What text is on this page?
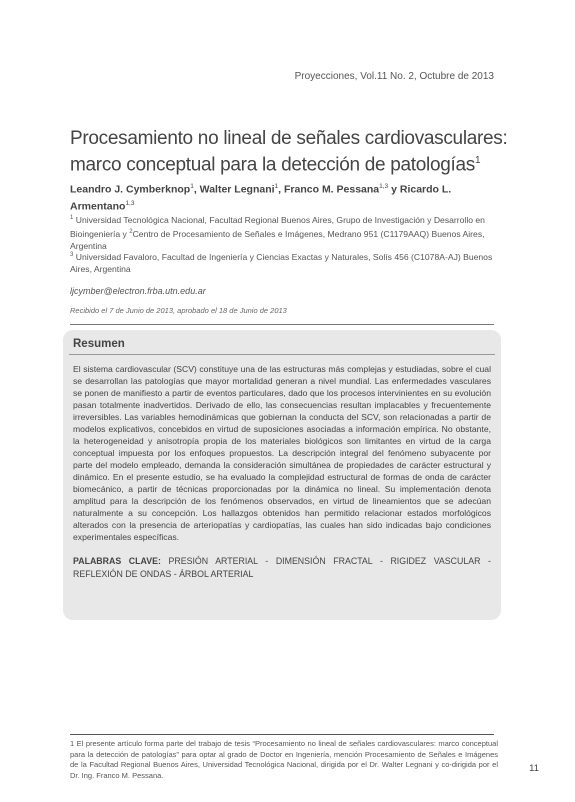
Proyecciones, Vol.11 No. 2, Octubre de 2013
Procesamiento no lineal de señales cardiovasculares: marco conceptual para la detección de patologías$^1$
Leandro J. Cymberknop$^1$, Walter Legnani$^1$, Franco M. Pessana$^{1,3}$ y Ricardo L. Armentano$^{1,3}$
$^1$ Universidad Tecnológica Nacional, Facultad Regional Buenos Aires, Grupo de Investigación y Desarrollo en Bioingeniería y $^2$Centro de Procesamiento de Señales e Imágenes, Medrano 951 (C1179AAQ) Buenos Aires, Argentina
$^3$ Universidad Favaloro, Facultad de Ingeniería y Ciencias Exactas y Naturales, Solís 456 (C1078A-AJ) Buenos Aires, Argentina
ljcymber@electron.frba.utn.edu.ar
Recibido el 7 de Junio de 2013, aprobado el 18 de Junio de 2013
Resumen

El sistema cardiovascular (SCV) constituye una de las estructuras más complejas y estudiadas, sobre el cual se desarrollan las patologías que mayor mortalidad generan a nivel mundial. Las enfermedades vasculares se ponen de manifiesto a partir de eventos particulares, dado que los procesos intervinientes en su evolución pasan totalmente inadvertidos. Derivado de ello, las consecuencias resultan implacables y frecuentemente irreversibles. Las variables hemodinámicas que gobiernan la conducta del SCV, son relacionadas a partir de modelos explicativos, concebidos en virtud de suposiciones asociadas a información empírica. No obstante, la heterogeneidad y anisotropía propia de los materiales biológicos son limitantes en virtud de la carga conceptual impuesta por los enfoques propuestos. La descripción integral del fenómeno subyacente por parte del modelo empleado, demanda la consideración simultánea de propiedades de carácter estructural y dinámico. En el presente estudio, se ha evaluado la complejidad estructural de formas de onda de carácter biomecánico, a partir de técnicas proporcionadas por la dinámica no lineal. Su implementación denota amplitud para la descripción de los fenómenos observados, en virtud de lineamientos que se adecúan naturalmente a su concepción. Los hallazgos obtenidos han permitido relacionar estados morfológicos alterados con la presencia de arteriopatías y cardiopatías, las cuales han sido indicadas bajo condiciones experimentales específicas.

PALABRAS CLAVE: PRESIÓN ARTERIAL - DIMENSIÓN FRACTAL - RIGIDEZ VASCULAR - REFLEXIÓN DE ONDAS - ÁRBOL ARTERIAL

1 El presente artículo forma parte del trabajo de tesis “Procesamiento no lineal de señales cardiovasculares: marco conceptual para la detección de patologías” para optar al grado de Doctor en Ingeniería, mención Procesamiento de Señales e Imágenes de la Facultad Regional Buenos Aires, Universidad Tecnológica Nacional, dirigida por el Dr. Walter Legnani y co-dirigida por el Dr. Ing. Franco M. Pessana.
11
